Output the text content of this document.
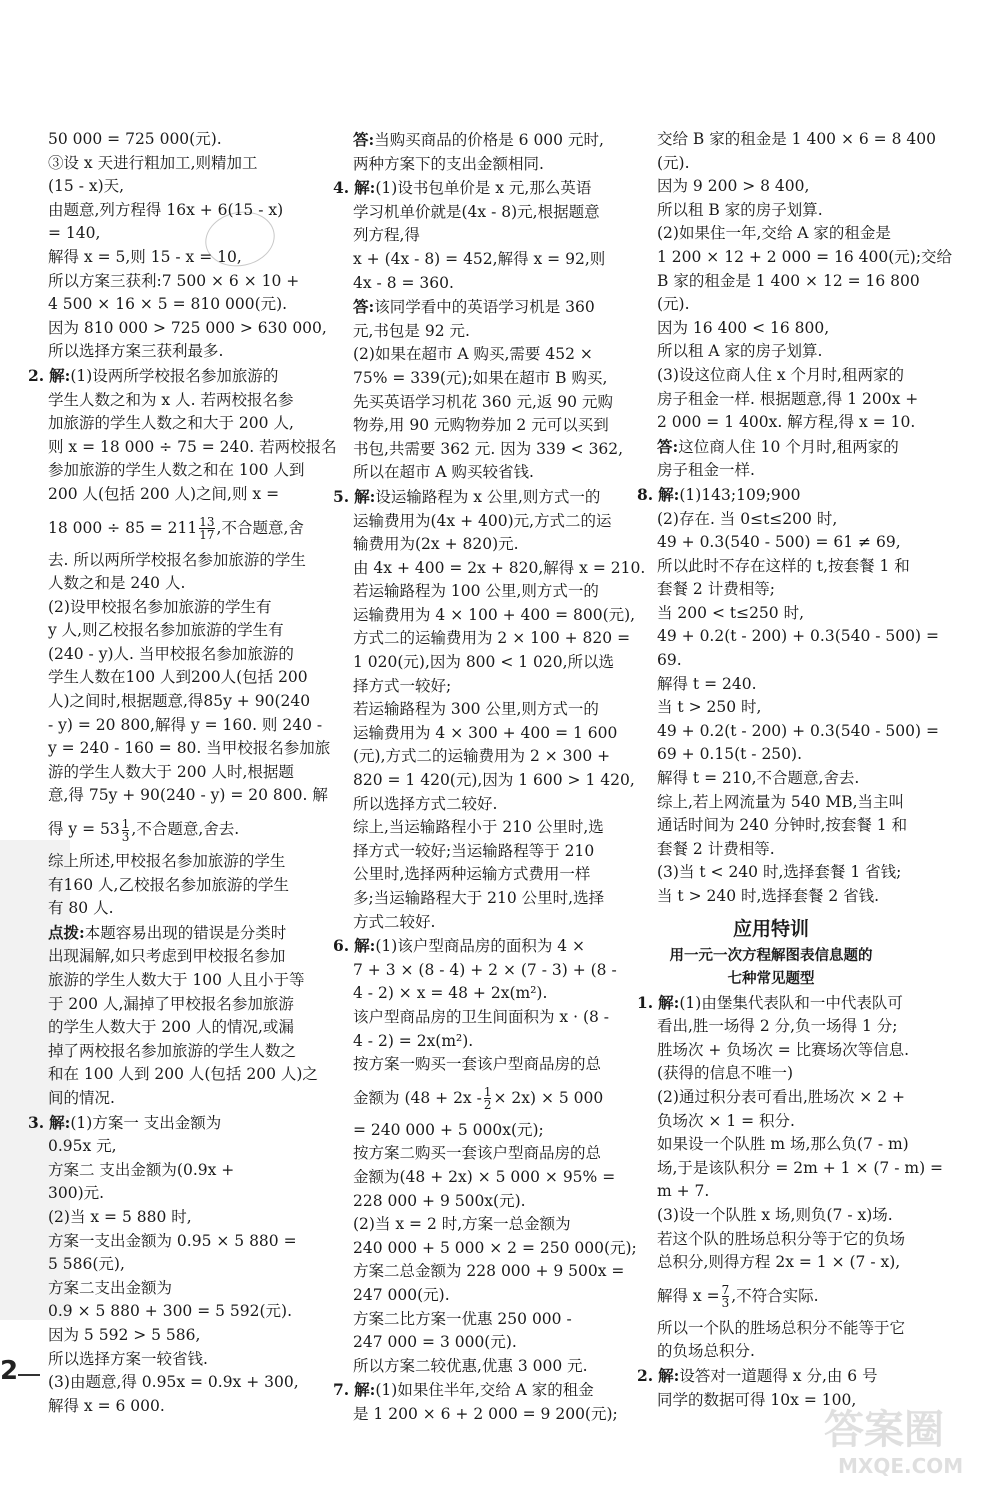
50 000 = 725 000(元).
③设 x 天进行粗加工,则精加工
(15 - x)天,
由题意,列方程得 16x + 6(15 - x)
= 140,
解得 x = 5,则 15 - x = 10,
所以方案三获利:7 500 × 6 × 10 +
4 500 × 16 × 5 = 810 000(元).
因为 810 000 > 725 000 > 630 000,
所以选择方案三获利最多.
2. 解:(1)设两所学校报名参加旅游的
学生人数之和为 x 人. 若两校报名参
加旅游的学生人数之和大于 200 人,
则 x = 18 000 ÷ 75 = 240. 若两校报名
参加旅游的学生人数之和在 100 人到
200 人(包括 200 人)之间,则 x =
18 $000 \div 85 = 211 \frac{13}{17}$ ,不合题意,舍
去. 所以两所学校报名参加旅游的学生
人数之和是 240 人.
(2)设甲校报名参加旅游的学生有
y 人,则乙校报名参加旅游的学生有
(240 - y)人. 当甲校报名参加旅游的
学生人数在100 人到200人(包括 200
人)之间时,根据题意,得85y + 90(240
- y) = 20 800,解得 y = 160. 则 240 -
y = 240 - 160 = 80. 当甲校报名参加旅
游的学生人数大于 200 人时,根据题
意,得 75y + 90(240 - y) = 20 800. 解
得 $y = 53 \frac{1}{3}$ ,不合题意,舍去.
综上所述,甲校报名参加旅游的学生
有160 人,乙校报名参加旅游的学生
有 80 人.
点拨:本题容易出现的错误是分类时
出现漏解,如只考虑到甲校报名参加
旅游的学生人数大于 100 人且小于等
于 200 人,漏掉了甲校报名参加旅游
的学生人数大于 200 人的情况,或漏
掉了两校报名参加旅游的学生人数之
和在 100 人到 200 人(包括 200 人)之
间的情况.
3. 解:(1)方案一 支出金额为
0.95x 元,
方案二 支出金额为(0.9x +
300)元.
(2)当 x = 5 880 时,
方案一支出金额为 0.95 × 5 880 =
5 586(元),
方案二支出金额为
0.9 × 5 880 + 300 = 5 592(元).
因为 5 592 > 5 586,
所以选择方案一较省钱.
(3)由题意,得 0.95x = 0.9x + 300,
解得 x = 6 000.
答:当购买商品的价格是 6 000 元时,
两种方案下的支出金额相同.
4. 解:(1)设书包单价是 x 元,那么英语
学习机单价就是(4x - 8)元,根据题意
列方程,得
x + (4x - 8) = 452,解得 x = 92,则
4x - 8 = 360.
答:该同学看中的英语学习机是 360
元,书包是 92 元.
(2)如果在超市 A 购买,需要 452 ×
75% = 339(元);如果在超市 B 购买,
先买英语学习机花 360 元,返 90 元购
物券,用 90 元购物券加 2 元可以买到
书包,共需要 362 元. 因为 339 < 362,
所以在超市 A 购买较省钱.
5. 解:设运输路程为 x 公里,则方式一的
运输费用为(4x + 400)元,方式二的运
输费用为(2x + 820)元.
由 4x + 400 = 2x + 820,解得 x = 210.
若运输路程为 100 公里,则方式一的
运输费用为 4 × 100 + 400 = 800(元),
方式二的运输费用为 2 × 100 + 820 =
1 020(元),因为 800 < 1 020,所以选
择方式一较好;
若运输路程为 300 公里,则方式一的
运输费用为 4 × 300 + 400 = 1 600
(元),方式二的运输费用为 2 × 300 +
820 = 1 420(元),因为 1 600 > 1 420,
所以选择方式二较好.
综上,当运输路程小于 210 公里时,选
择方式一较好;当运输路程等于 210
公里时,选择两种运输方式费用一样
多;当运输路程大于 210 公里时,选择
方式二较好.
6. 解:(1)该户型商品房的面积为 4 ×
7 + 3 × (8 - 4) + 2 × (7 - 3) + (8 -
4 - 2) × x = 48 + 2x(m²).
该户型商品房的卫生间面积为 x · (8 -
4 - 2) = 2x(m²).
按方案一购买一套该户型商品房的总
金额为 $(48 + 2x - \frac{1}{2} \times 2x) \times 5$ 000
= 240 000 + 5 000x(元);
按方案二购买一套该户型商品房的总
金额为(48 + 2x) × 5 000 × 95% =
228 000 + 9 500x(元).
(2)当 x = 2 时,方案一总金额为
240 000 + 5 000 × 2 = 250 000(元);
方案二总金额为 228 000 + 9 500x =
247 000(元).
方案二比方案一优惠 250 000 -
247 000 = 3 000(元).
所以方案二较优惠,优惠 3 000 元.
7. 解:(1)如果住半年,交给 A 家的租金
是 1 200 × 6 + 2 000 = 9 200(元);
交给 B 家的租金是 1 400 × 6 = 8 400
(元).
因为 9 200 > 8 400,
所以租 B 家的房子划算.
(2)如果住一年,交给 A 家的租金是
1 200 × 12 + 2 000 = 16 400(元);交给
B 家的租金是 1 400 × 12 = 16 800
(元).
因为 16 400 < 16 800,
所以租 A 家的房子划算.
(3)设这位商人住 x 个月时,租两家的
房子租金一样. 根据题意,得 1 200x +
2 000 = 1 400x. 解方程,得 x = 10.
答:这位商人住 10 个月时,租两家的
房子租金一样.
8. 解:(1)143;109;900
(2)存在. 当 0≤t≤200 时,
49 + 0.3(540 - 500) = 61 ≠ 69,
所以此时不存在这样的 t,按套餐 1 和
套餐 2 计费相等;
当 200 < t≤250 时,
49 + 0.2(t - 200) + 0.3(540 - 500) =
69.
解得 t = 240.
当 t > 250 时,
49 + 0.2(t - 200) + 0.3(540 - 500) =
69 + 0.15(t - 250).
解得 t = 210,不合题意,舍去.
综上,若上网流量为 540 MB,当主叫
通话时间为 240 分钟时,按套餐 1 和
套餐 2 计费相等.
(3)当 t < 240 时,选择套餐 1 省钱;
当 t > 240 时,选择套餐 2 省钱.
应用特训
用一元一次方程解图表信息题的
七种常见题型
1. 解:(1)由堡集代表队和一中代表队可
看出,胜一场得 2 分,负一场得 1 分;
胜场次 + 负场次 = 比赛场次等信息.
(获得的信息不唯一)
(2)通过积分表可看出,胜场次 × 2 +
负场次 × 1 = 积分.
如果设一个队胜 m 场,那么负(7 - m)
场,于是该队积分 = 2m + 1 × (7 - m) =
m + 7.
(3)设一个队胜 x 场,则负(7 - x)场.
若这个队的胜场总积分等于它的负场
总积分,则得方程 2x = 1 × (7 - x),
解得 $x = \frac{7}{3}$ ,不符合实际.
所以一个队的胜场总积分不能等于它
的负场总积分.
2. 解:设答对一道题得 x 分,由 6 号
同学的数据可得 10x = 100,
2
答案圈
MXQE.COM
